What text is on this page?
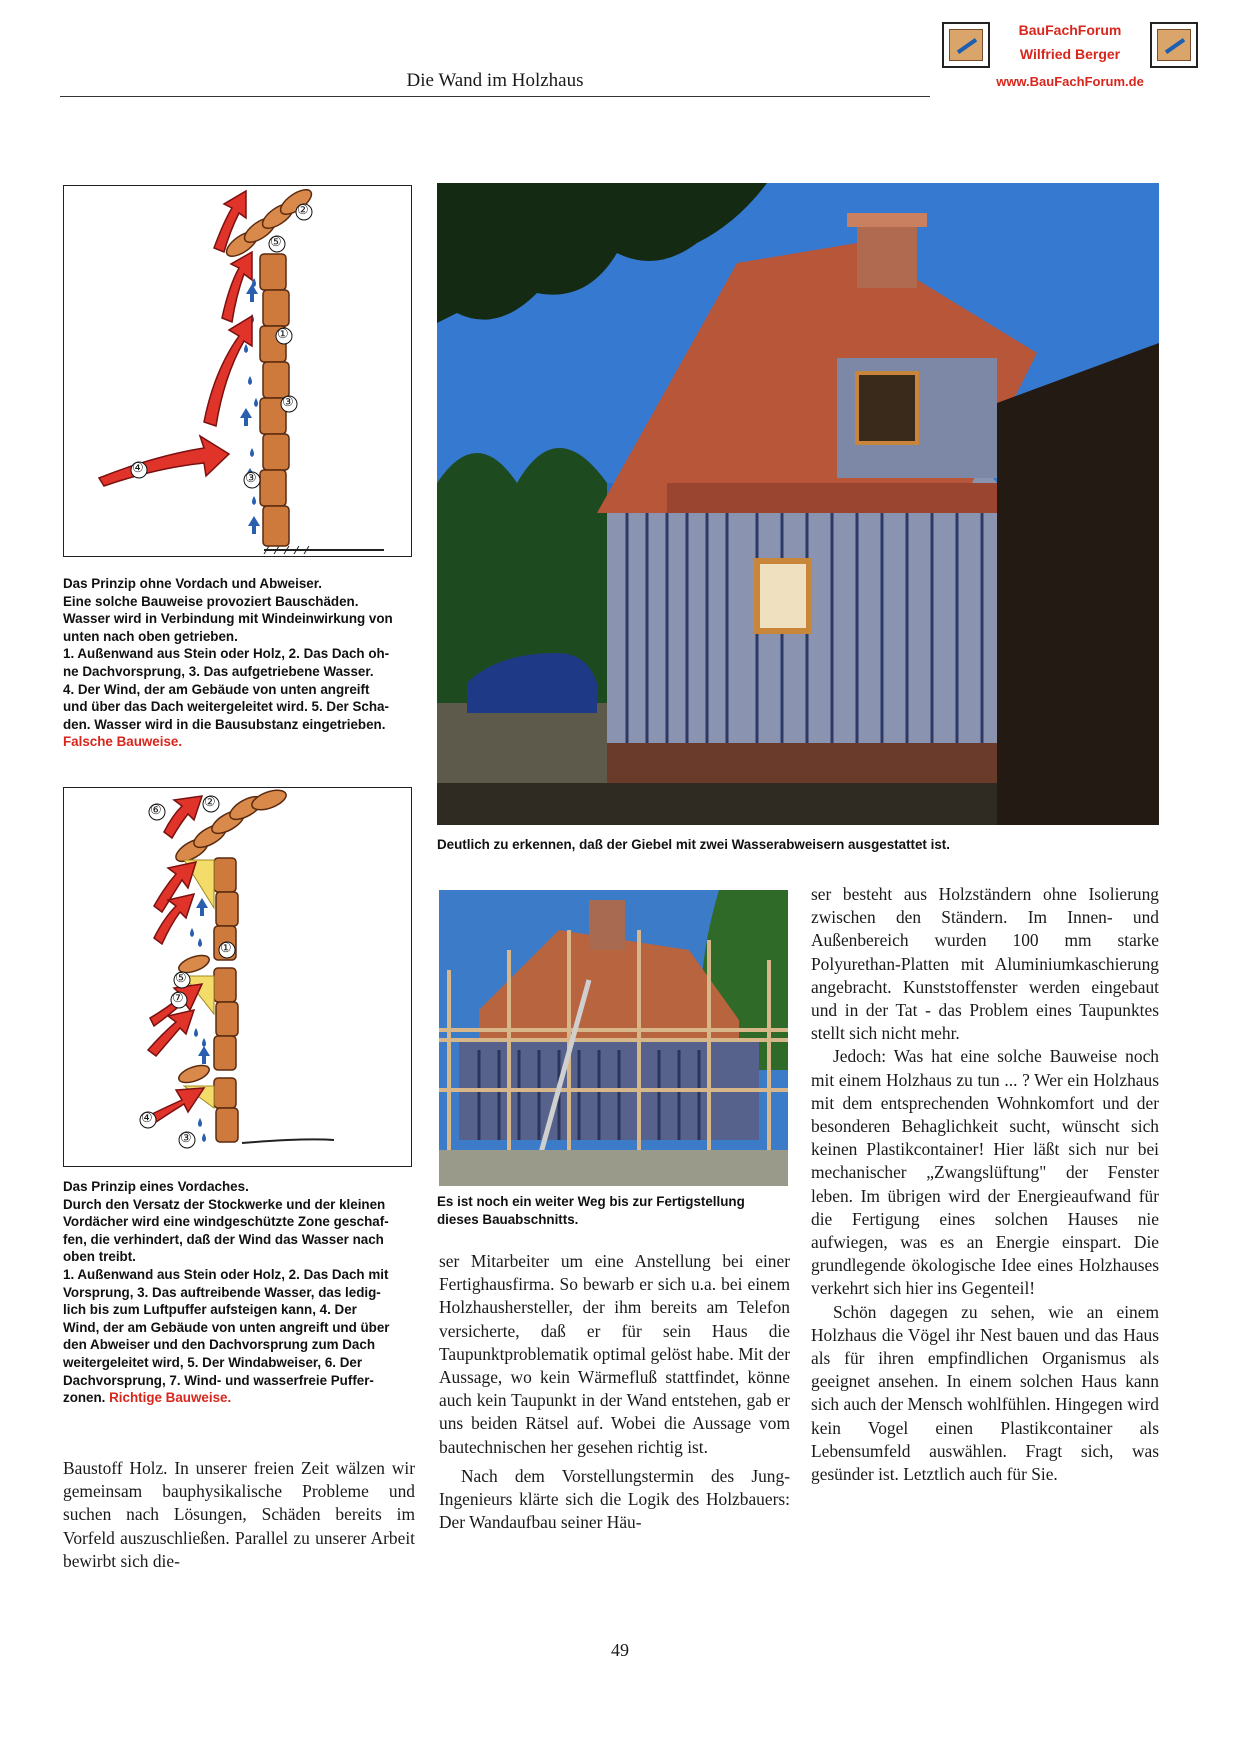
Die Wand im Holzhaus
BauFachForum
Wilfried Berger
www.BauFachForum.de
②
⑤
①
③
④
③
Das Prinzip ohne Vordach und Abweiser.
Eine solche Bauweise provoziert Bauschäden.
Wasser wird in Verbindung mit Windeinwirkung von
unten nach oben getrieben.
1. Außenwand aus Stein oder Holz, 2. Das Dach oh-
ne Dachvorsprung, 3. Das aufgetriebene Wasser.
4. Der Wind, der am Gebäude von unten angreift
und über das Dach weitergeleitet wird. 5. Der Scha-
den. Wasser wird in die Bausubstanz eingetrieben.
Falsche Bauweise.
⑥
②
①
⑤
⑦
④
③
Das Prinzip eines Vordaches.
Durch den Versatz der Stockwerke und der kleinen
Vordächer wird eine windgeschützte Zone geschaf-
fen, die verhindert, daß der Wind das Wasser nach
oben treibt.
1. Außenwand aus Stein oder Holz, 2. Das Dach mit
Vorsprung, 3. Das auftreibende Wasser, das ledig-
lich bis zum Luftpuffer aufsteigen kann, 4. Der
Wind, der am Gebäude von unten angreift und über
den Abweiser und den Dachvorsprung zum Dach
weitergeleitet wird, 5. Der Windabweiser, 6. Der
Dachvorsprung, 7. Wind- und wasserfreie Puffer-
zonen. Richtige Bauweise.
Deutlich zu erkennen, daß der Giebel mit zwei Wasserabweisern ausgestattet ist.
Es ist noch ein weiter Weg bis zur Fertigstellung
dieses Bauabschnitts.

Baustoff Holz. In unserer freien Zeit wälzen wir gemeinsam bauphysikalische Probleme und suchen nach Lösungen, Schäden bereits im Vorfeld auszuschließen. Parallel zu unserer Arbeit bewirbt sich die-

ser Mitarbeiter um eine Anstellung bei einer Fertighausfirma. So bewarb er sich u.a. bei einem Holzhaushersteller, der ihm bereits am Telefon versicherte, daß er für sein Haus die Taupunktproblematik optimal gelöst habe. Mit der Aussage, wo kein Wärmefluß stattfindet, könne auch kein Taupunkt in der Wand entstehen, gab er uns beiden Rätsel auf. Wobei die Aussage vom bautechnischen her gesehen richtig ist.

Nach dem Vorstellungstermin des Jung-Ingenieurs klärte sich die Logik des Holzbauers: Der Wandaufbau seiner Häu-

ser besteht aus Holzständern ohne Isolierung zwischen den Ständern. Im Innen- und Außenbereich wurden 100 mm starke Polyurethan-Platten mit Aluminiumkaschierung angebracht. Kunststoffenster werden eingebaut und in der Tat - das Problem eines Taupunktes stellt sich nicht mehr.

Jedoch: Was hat eine solche Bauweise noch mit einem Holzhaus zu tun ... ? Wer ein Holzhaus mit dem entsprechenden Wohnkomfort und der besonderen Behaglichkeit sucht, wünscht sich keinen Plastikcontainer! Hier läßt sich nur bei mechanischer „Zwangslüftung" der Fenster leben. Im übrigen wird der Energieaufwand für die Fertigung eines solchen Hauses nie aufwiegen, was es an Energie einspart. Die grundlegende ökologische Idee eines Holzhauses verkehrt sich hier ins Gegenteil!

Schön dagegen zu sehen, wie an einem Holzhaus die Vögel ihr Nest bauen und das Haus als für ihren empfindlichen Organismus als geeignet ansehen. In einem solchen Haus kann sich auch der Mensch wohlfühlen. Hingegen wird kein Vogel einen Plastikcontainer als Lebensumfeld auswählen. Fragt sich, was gesünder ist. Letztlich auch für Sie.

49
